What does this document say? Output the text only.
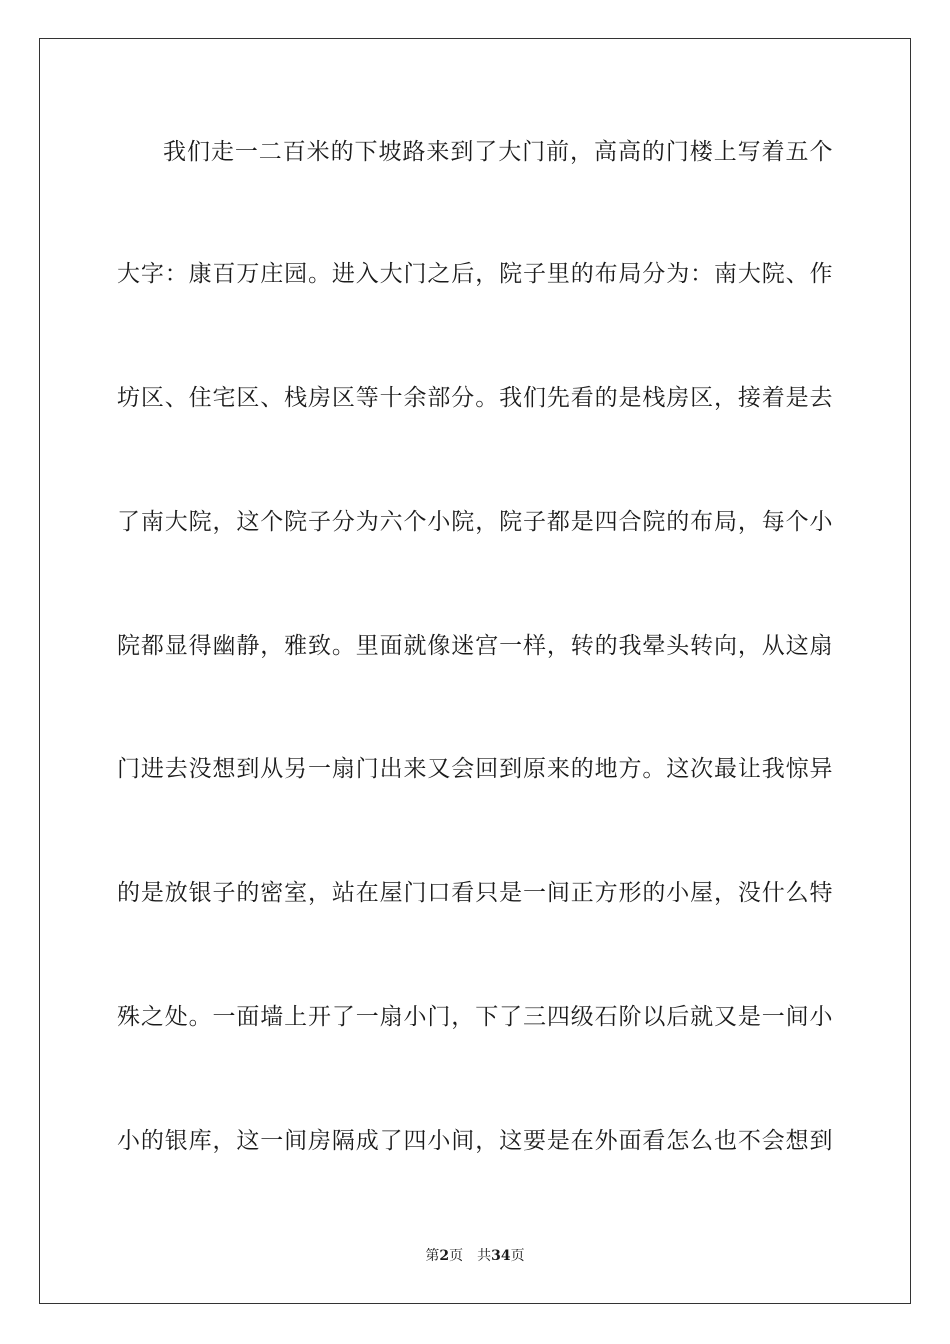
我们走一二百米的下坡路来到了大门前，高高的门楼上写着五个
大字：康百万庄园。进入大门之后，院子里的布局分为：南大院、作
坊区、住宅区、栈房区等十余部分。我们先看的是栈房区，接着是去
了南大院，这个院子分为六个小院，院子都是四合院的布局，每个小
院都显得幽静，雅致。里面就像迷宫一样，转的我晕头转向，从这扇
门进去没想到从另一扇门出来又会回到原来的地方。这次最让我惊异
的是放银子的密室，站在屋门口看只是一间正方形的小屋，没什么特
殊之处。一面墙上开了一扇小门，下了三四级石阶以后就又是一间小
小的银库，这一间房隔成了四小间，这要是在外面看怎么也不会想到
第2页 共34页
